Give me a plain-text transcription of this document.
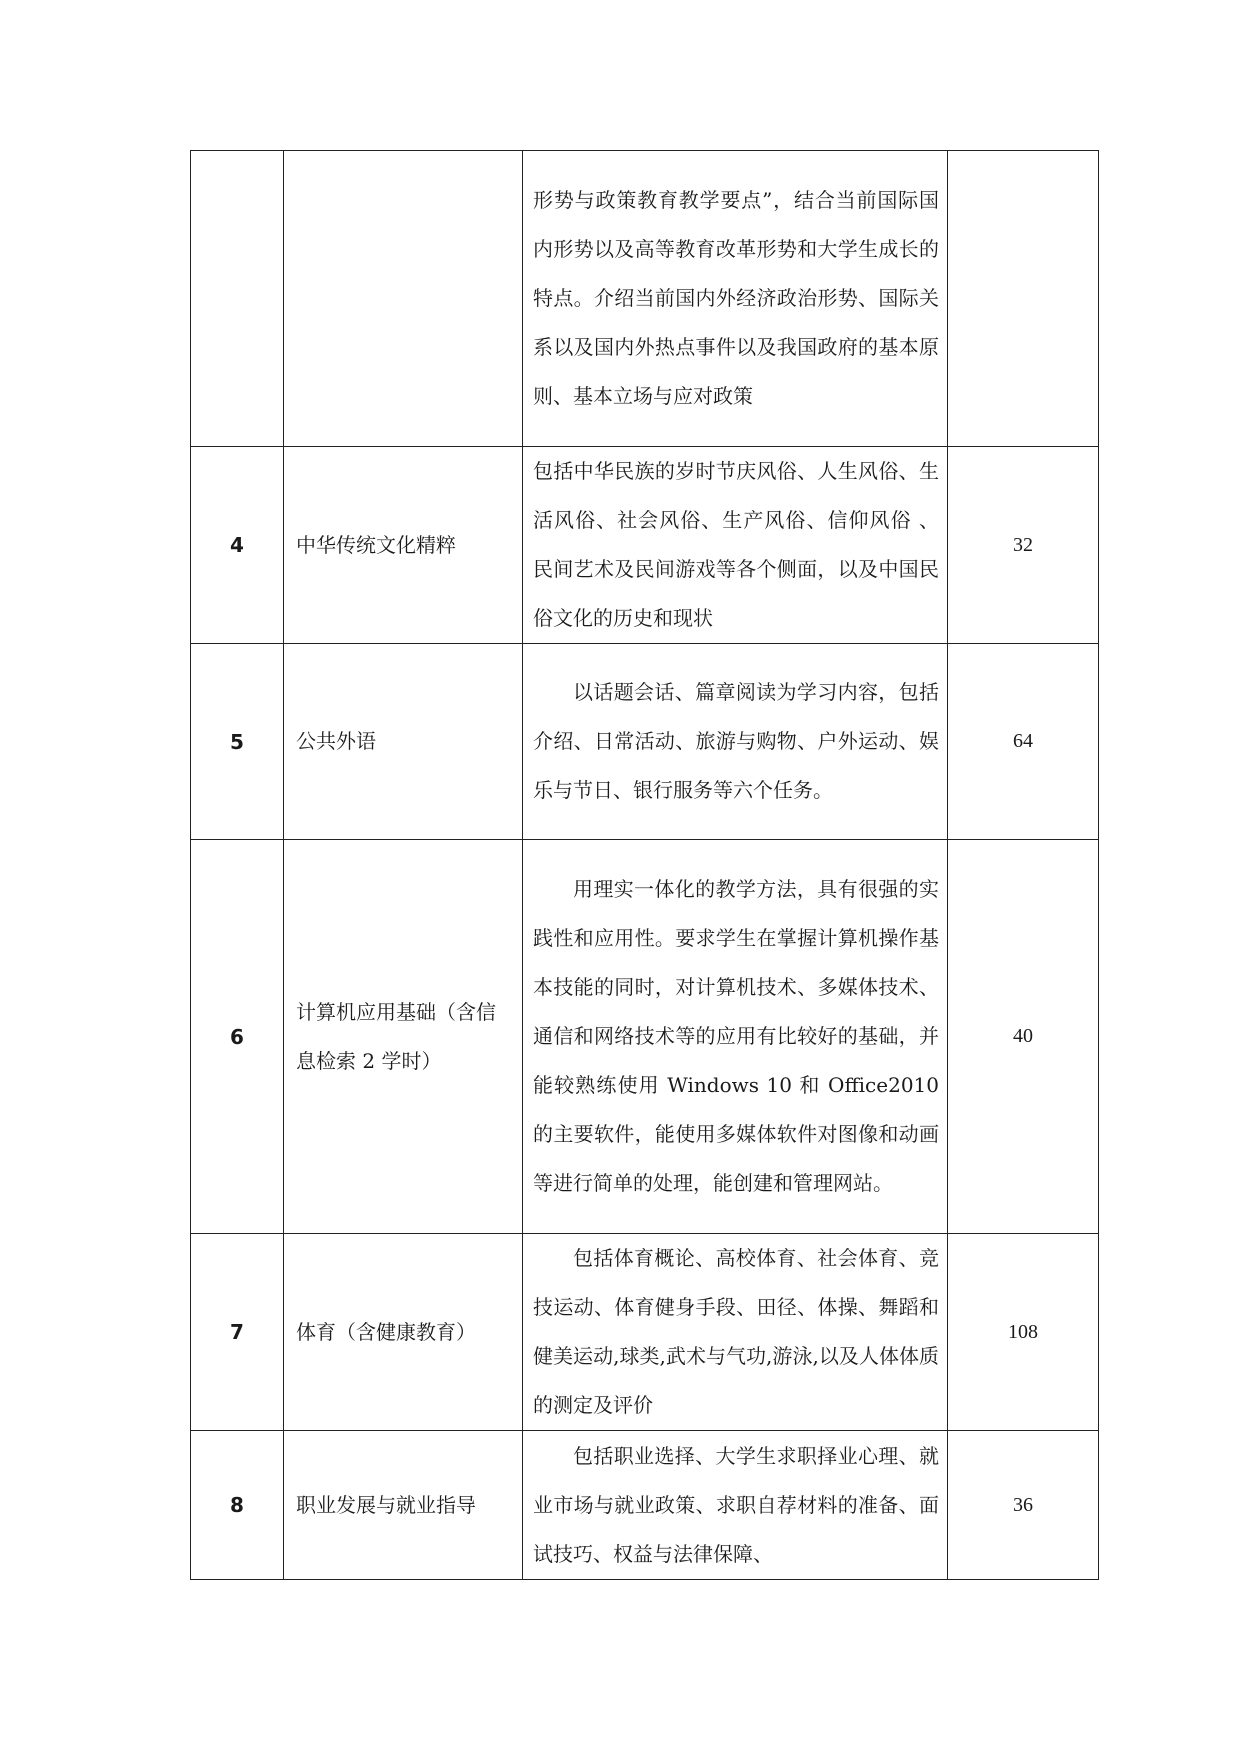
		形势与政策教育教学要点”，结合当前国际国内形势以及高等教育改革形势和大学生成长的特点。介绍当前国内外经济政治形势、国际关系以及国内外热点事件以及我国政府的基本原则、基本立场与应对政策	
4	中华传统文化精粹	包括中华民族的岁时节庆风俗、人生风俗、生活风俗、社会风俗、生产风俗、信仰风俗 、民间艺术及民间游戏等各个侧面，以及中国民俗文化的历史和现状	32
5	公共外语	以话题会话、篇章阅读为学习内容，包括介绍、日常活动、旅游与购物、户外运动、娱乐与节日、银行服务等六个任务。	64
6	计算机应用基础（含信息检索 2 学时）	用理实一体化的教学方法，具有很强的实践性和应用性。要求学生在掌握计算机操作基本技能的同时，对计算机技术、多媒体技术、通信和网络技术等的应用有比较好的基础，并能较熟练使用 Windows 10 和 Office2010 的主要软件，能使用多媒体软件对图像和动画等进行简单的处理，能创建和管理网站。	40
7	体育（含健康教育）	包括体育概论、高校体育、社会体育、竞技运动、体育健身手段、田径、体操、舞蹈和健美运动,球类,武术与气功,游泳,以及人体体质的测定及评价	108
8	职业发展与就业指导	包括职业选择、大学生求职择业心理、就业市场与就业政策、求职自荐材料的准备、面试技巧、权益与法律保障、	36
